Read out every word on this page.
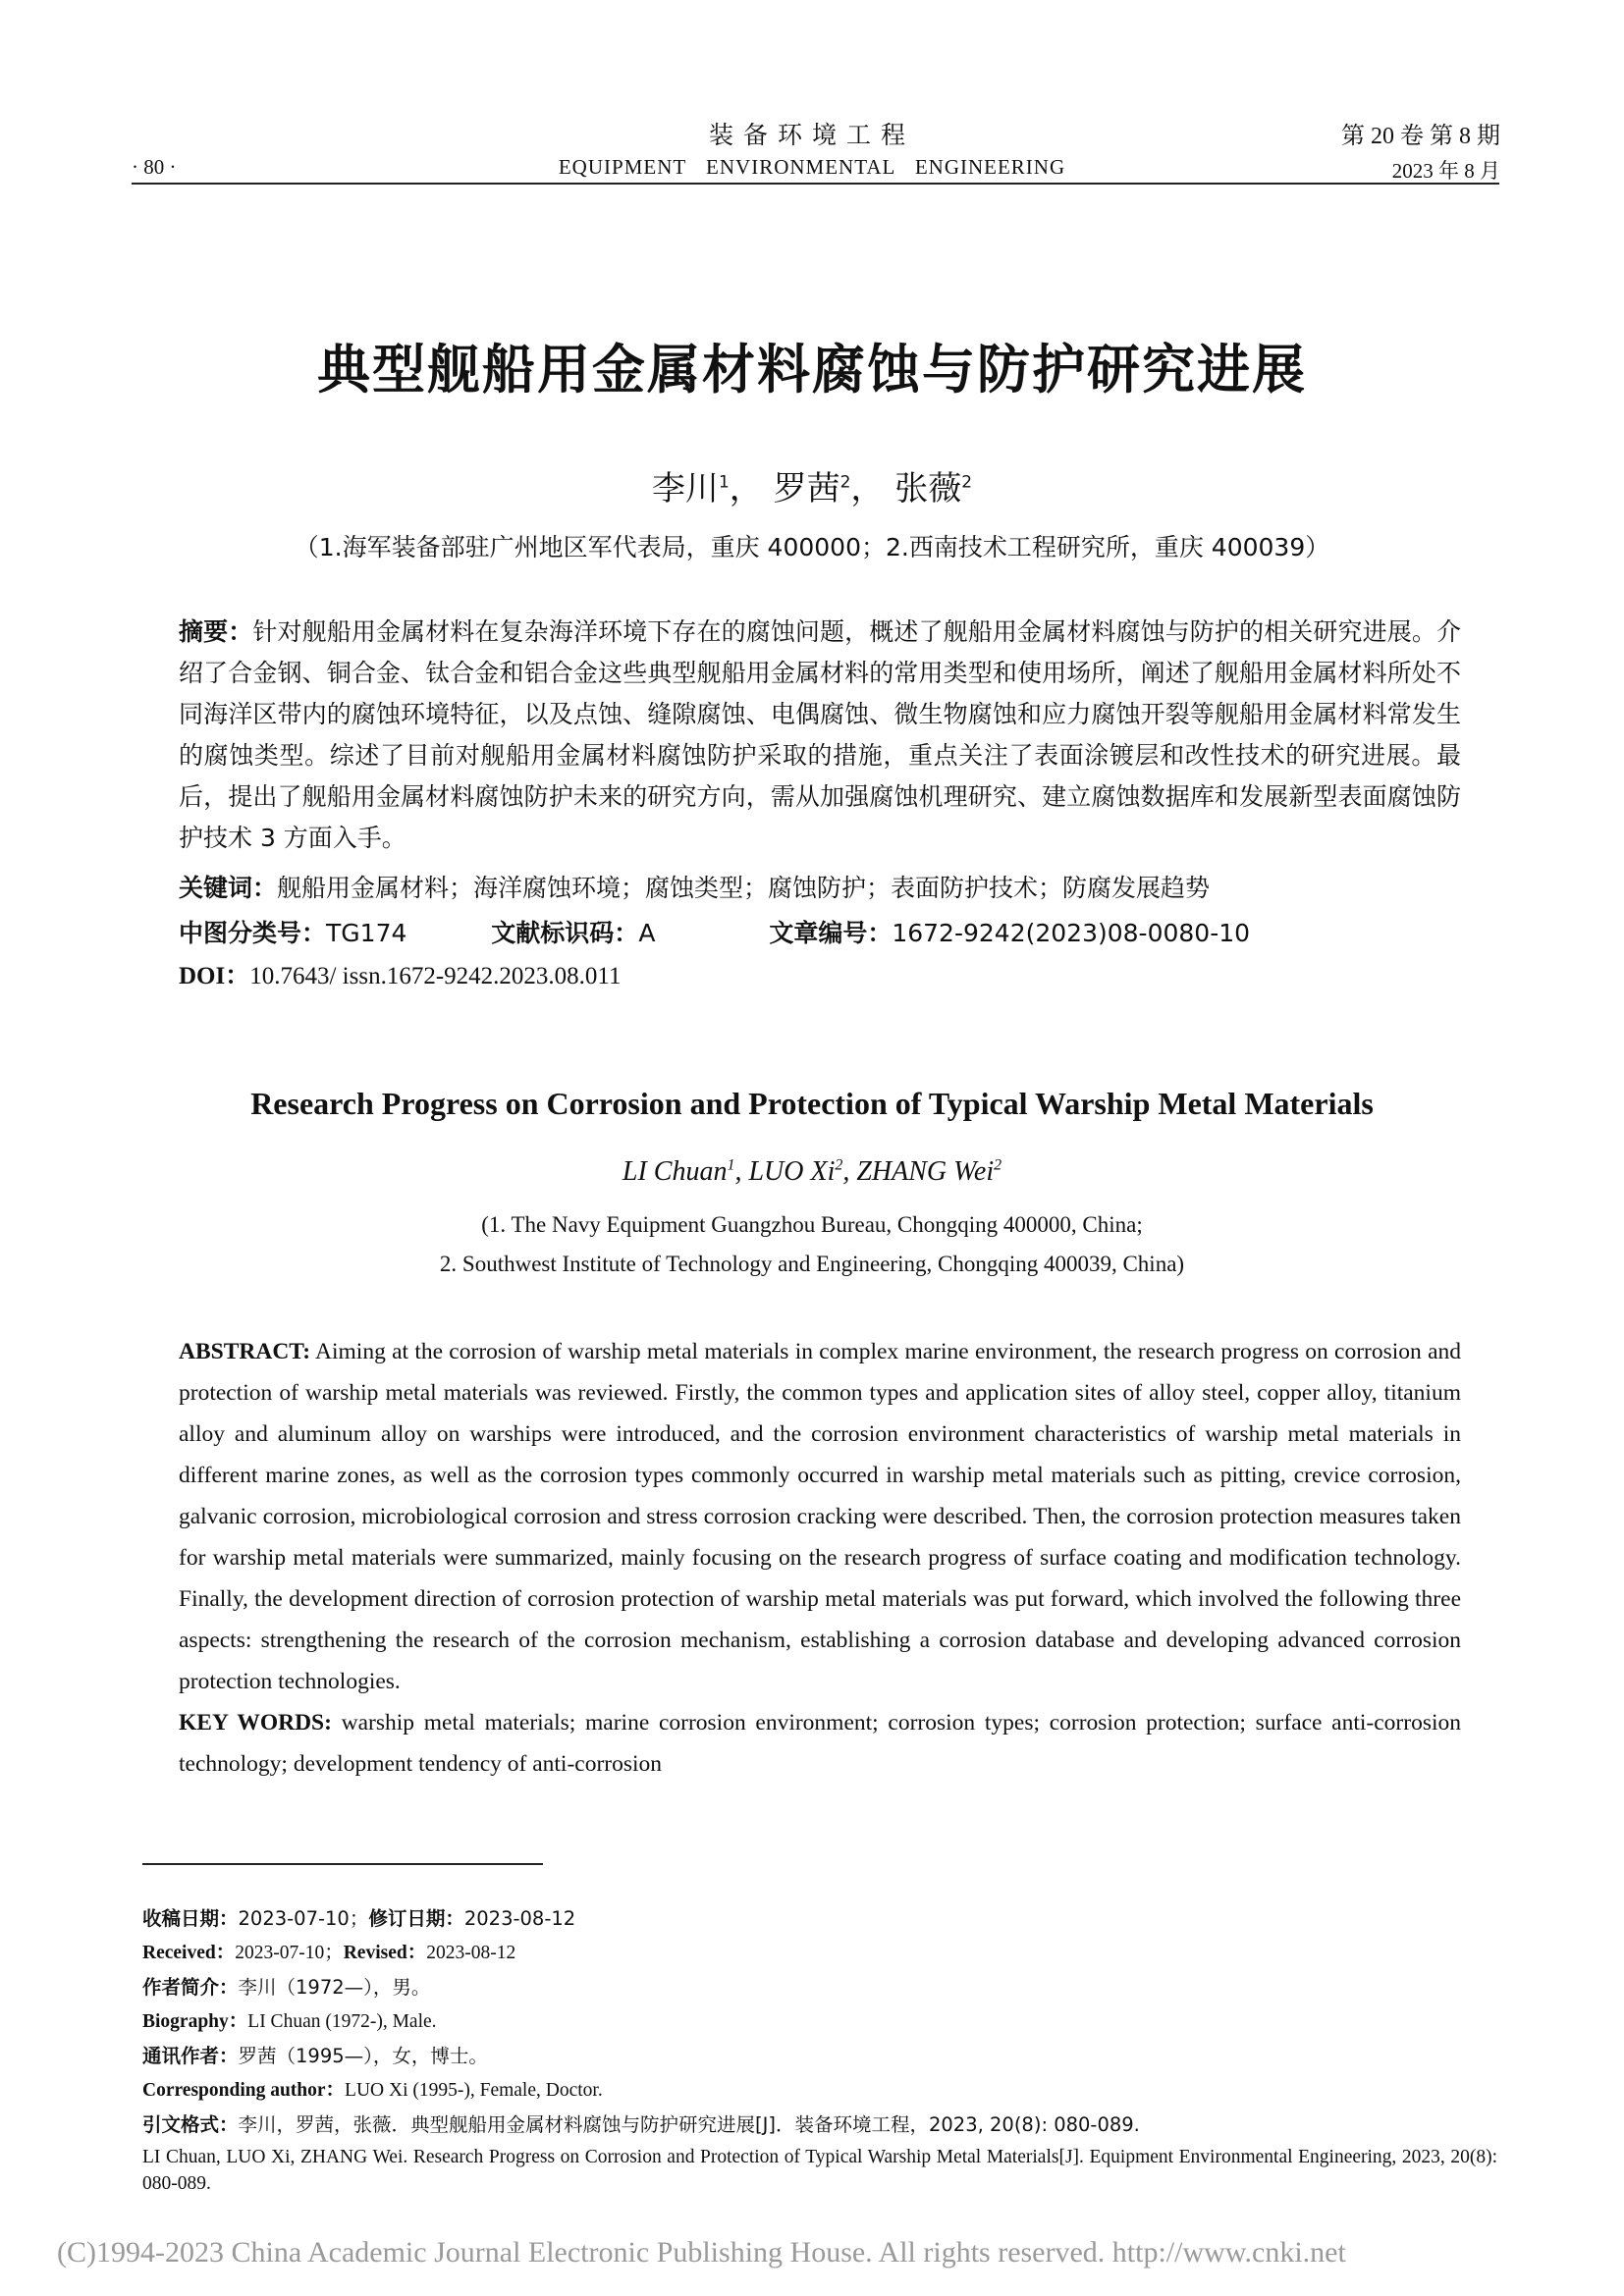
· 80 ·
装备环境工程
EQUIPMENT ENVIRONMENTAL ENGINEERING
第 20 卷 第 8 期
2023 年 8 月
典型舰船用金属材料腐蚀与防护研究进展
李川$^1$， 罗茜$^2$， 张薇$^2$
（1.海军装备部驻广州地区军代表局，重庆 400000；2.西南技术工程研究所，重庆 400039）

摘要：针对舰船用金属材料在复杂海洋环境下存在的腐蚀问题，概述了舰船用金属材料腐蚀与防护的相关研究进展。介绍了合金钢、铜合金、钛合金和铝合金这些典型舰船用金属材料的常用类型和使用场所，阐述了舰船用金属材料所处不同海洋区带内的腐蚀环境特征，以及点蚀、缝隙腐蚀、电偶腐蚀、微生物腐蚀和应力腐蚀开裂等舰船用金属材料常发生的腐蚀类型。综述了目前对舰船用金属材料腐蚀防护采取的措施，重点关注了表面涂镀层和改性技术的研究进展。最后，提出了舰船用金属材料腐蚀防护未来的研究方向，需从加强腐蚀机理研究、建立腐蚀数据库和发展新型表面腐蚀防护技术 3 方面入手。

关键词：舰船用金属材料；海洋腐蚀环境；腐蚀类型；腐蚀防护；表面防护技术；防腐发展趋势
中图分类号：TG174	文献标识码：A	文章编号：1672-9242(2023)08-0080-10
DOI：10.7643/ issn.1672-9242.2023.08.011
Research Progress on Corrosion and Protection of Typical Warship Metal Materials
LI Chuan$^1$, LUO Xi$^2$, ZHANG Wei$^2$
(1. The Navy Equipment Guangzhou Bureau, Chongqing 400000, China;
2. Southwest Institute of Technology and Engineering, Chongqing 400039, China)

ABSTRACT: Aiming at the corrosion of warship metal materials in complex marine environment, the research progress on corrosion and protection of warship metal materials was reviewed. Firstly, the common types and application sites of alloy steel, copper alloy, titanium alloy and aluminum alloy on warships were introduced, and the corrosion environment characteristics of warship metal materials in different marine zones, as well as the corrosion types commonly occurred in warship metal materials such as pitting, crevice corrosion, galvanic corrosion, microbiological corrosion and stress corrosion cracking were described. Then, the corrosion protection measures taken for warship metal materials were summarized, mainly focusing on the research progress of surface coating and modification technology. Finally, the development direction of corrosion protection of warship metal materials was put forward, which involved the following three aspects: strengthening the research of the corrosion mechanism, establishing a corrosion database and developing advanced corrosion protection technologies.

KEY WORDS: warship metal materials; marine corrosion environment; corrosion types; corrosion protection; surface anti-corrosion technology; development tendency of anti-corrosion

收稿日期：2023-07-10；修订日期：2023-08-12
Received：2023-07-10；Revised：2023-08-12
作者简介：李川（1972—），男。
Biography：LI Chuan (1972-), Male.
通讯作者：罗茜（1995—），女，博士。
Corresponding author：LUO Xi (1995-), Female, Doctor.
引文格式：李川，罗茜，张薇．典型舰船用金属材料腐蚀与防护研究进展[J]．装备环境工程，2023, 20(8): 080-089.
LI Chuan, LUO Xi, ZHANG Wei. Research Progress on Corrosion and Protection of Typical Warship Metal Materials[J]. Equipment Environmental Engineering, 2023, 20(8): 080-089.
(C)1994-2023 China Academic Journal Electronic Publishing House. All rights reserved. http://www.cnki.net
